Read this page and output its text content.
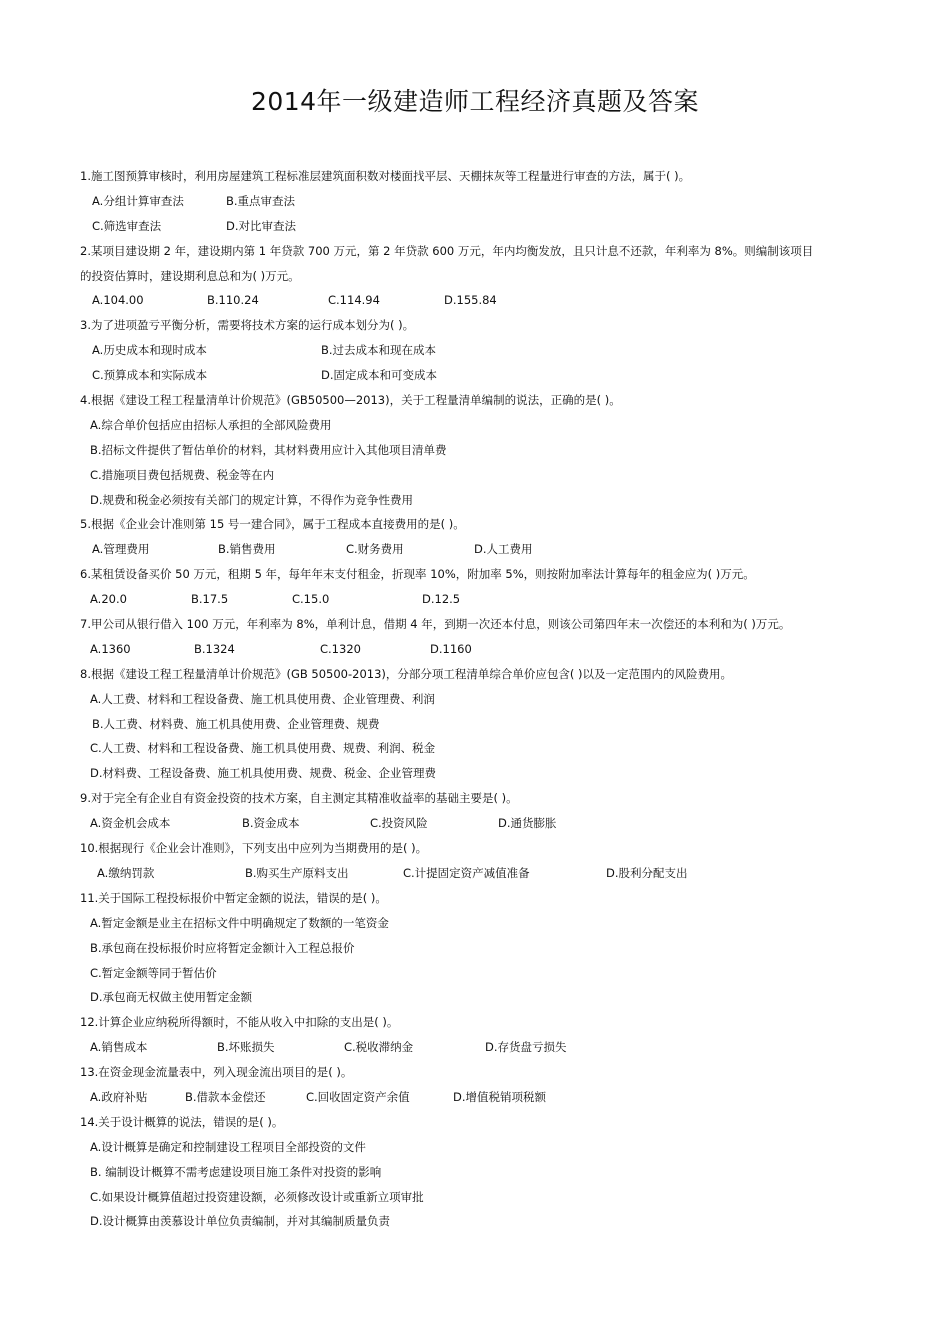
2014年一级建造师工程经济真题及答案
1.施工图预算审核时，利用房屋建筑工程标准层建筑面积数对楼面找平层、天棚抹灰等工程量进行审查的方法，属于( )。
A.分组计算审查法	B.重点审查法
C.筛选审查法	D.对比审查法
2.某项目建设期 2 年，建设期内第 1 年贷款 700 万元，第 2 年贷款 600 万元，年内均衡发放，且只计息不还款，年利率为 8%。则编制该项目
的投资估算时，建设期利息总和为( )万元。
A.104.00	B.110.24	C.114.94	D.155.84
3.为了进项盈亏平衡分析，需要将技术方案的运行成本划分为( )。
A.历史成本和现时成本	B.过去成本和现在成本
C.预算成本和实际成本	D.固定成本和可变成本
4.根据《建设工程工程量清单计价规范》(GB50500—2013)，关于工程量清单编制的说法，正确的是( )。
A.综合单价包括应由招标人承担的全部风险费用
B.招标文件提供了暂估单价的材料，其材料费用应计入其他项目清单费
C.措施项目费包括规费、税金等在内
D.规费和税金必须按有关部门的规定计算，不得作为竞争性费用
5.根据《企业会计准则第 15 号一建合同》，属于工程成本直接费用的是( )。
A.管理费用	B.销售费用	C.财务费用	D.人工费用
6.某租赁设备买价 50 万元，租期 5 年，每年年末支付租金，折现率 10%，附加率 5%，则按附加率法计算每年的租金应为( )万元。
A.20.0	B.17.5	C.15.0	D.12.5
7.甲公司从银行借入 100 万元，年利率为 8%，单利计息，借期 4 年，到期一次还本付息，则该公司第四年末一次偿还的本利和为( )万元。
A.1360	B.1324	C.1320	D.1160
8.根据《建设工程工程量清单计价规范》(GB 50500-2013)，分部分项工程清单综合单价应包含( )以及一定范围内的风险费用。
A.人工费、材料和工程设备费、施工机具使用费、企业管理费、利润
B.人工费、材料费、施工机具使用费、企业管理费、规费
C.人工费、材料和工程设备费、施工机具使用费、规费、利润、税金
D.材料费、工程设备费、施工机具使用费、规费、税金、企业管理费
9.对于完全有企业自有资金投资的技术方案，自主测定其精准收益率的基础主要是( )。
A.资金机会成本	B.资金成本	C.投资风险	D.通货膨胀
10.根据现行《企业会计准则》，下列支出中应列为当期费用的是( )。
A.缴纳罚款	B.购买生产原料支出	C.计提固定资产减值准备	D.股利分配支出
11.关于国际工程投标报价中暂定金额的说法，错误的是( )。
A.暂定金额是业主在招标文件中明确规定了数额的一笔资金
B.承包商在投标报价时应将暂定金额计入工程总报价
C.暂定金额等同于暂估价
D.承包商无权做主使用暂定金额
12.计算企业应纳税所得额时，不能从收入中扣除的支出是( )。
A.销售成本	B.坏账损失	C.税收滞纳金	D.存货盘亏损失
13.在资金现金流量表中，列入现金流出项目的是( )。
A.政府补贴	B.借款本金偿还	C.回收固定资产余值	D.增值税销项税额
14.关于设计概算的说法，错误的是( )。
A.设计概算是确定和控制建设工程项目全部投资的文件
B. 编制设计概算不需考虑建设项目施工条件对投资的影响
C.如果设计概算值超过投资建设额，必须修改设计或重新立项审批
D.设计概算由羡慕设计单位负责编制，并对其编制质量负责
